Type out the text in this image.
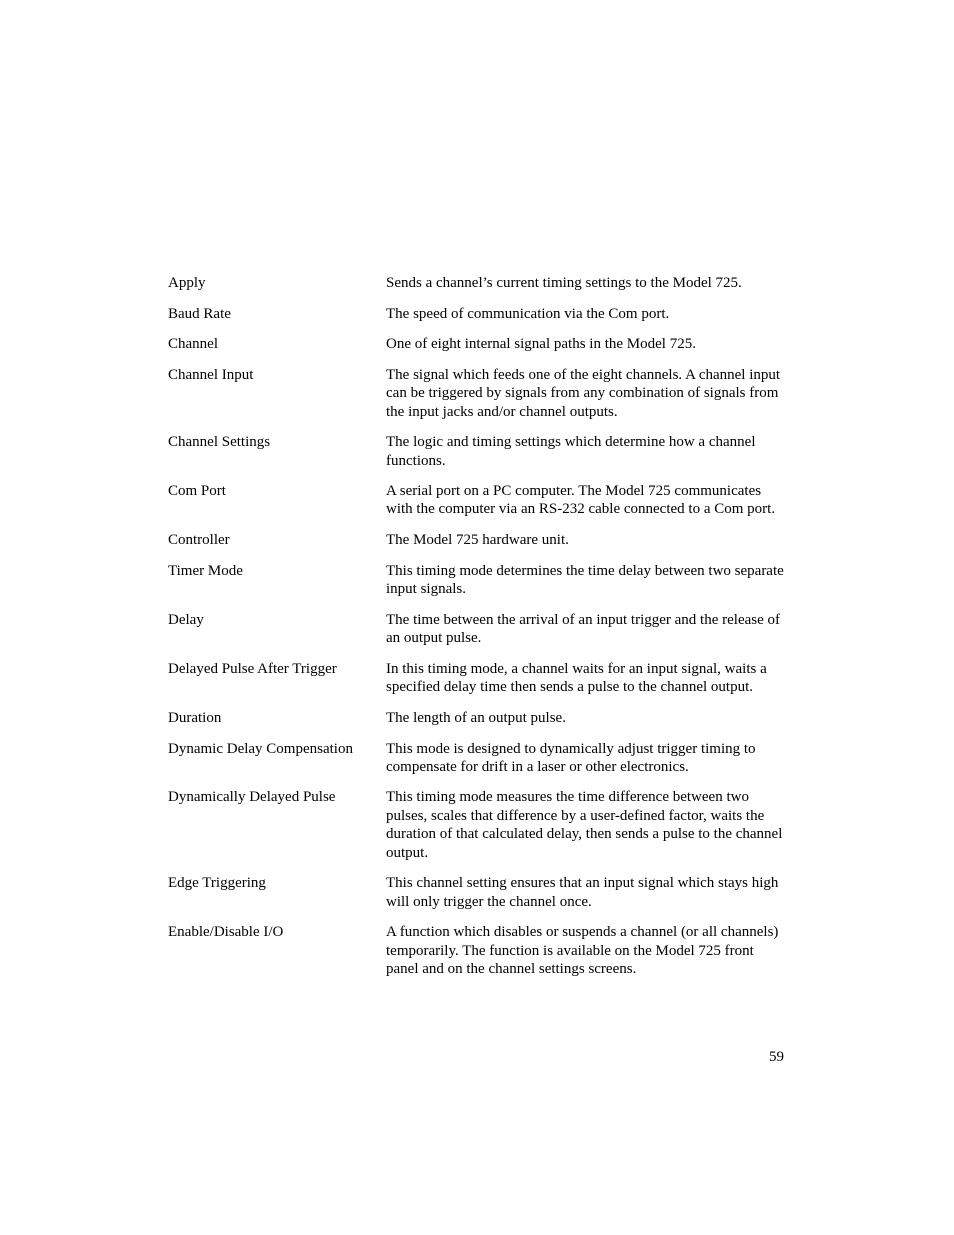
Apply	Sends a channel’s current timing settings to the Model 725.
Baud Rate	The speed of communication via the Com port.
Channel	One of eight internal signal paths in the Model 725.
Channel Input	The signal which feeds one of the eight channels. A channel input can be triggered by signals from any combination of signals from the input jacks and/or channel outputs.
Channel Settings	The logic and timing settings which determine how a channel functions.
Com Port	A serial port on a PC computer. The Model 725 communicates with the computer via an RS-232 cable connected to a Com port.
Controller	The Model 725 hardware unit.
Timer Mode	This timing mode determines the time delay between two separate input signals.
Delay	The time between the arrival of an input trigger and the release of an output pulse.
Delayed Pulse After Trigger	In this timing mode, a channel waits for an input signal, waits a specified delay time then sends a pulse to the channel output.
Duration	The length of an output pulse.
Dynamic Delay Compensation	This mode is designed to dynamically adjust trigger timing to compensate for drift in a laser or other electronics.
Dynamically Delayed Pulse	This timing mode measures the time difference between two pulses, scales that difference by a user-defined factor, waits the duration of that calculated delay, then sends a pulse to the channel output.
Edge Triggering	This channel setting ensures that an input signal which stays high will only trigger the channel once.
Enable/Disable I/O	A function which disables or suspends a channel (or all channels) temporarily. The function is available on the Model 725 front panel and on the channel settings screens.
59
